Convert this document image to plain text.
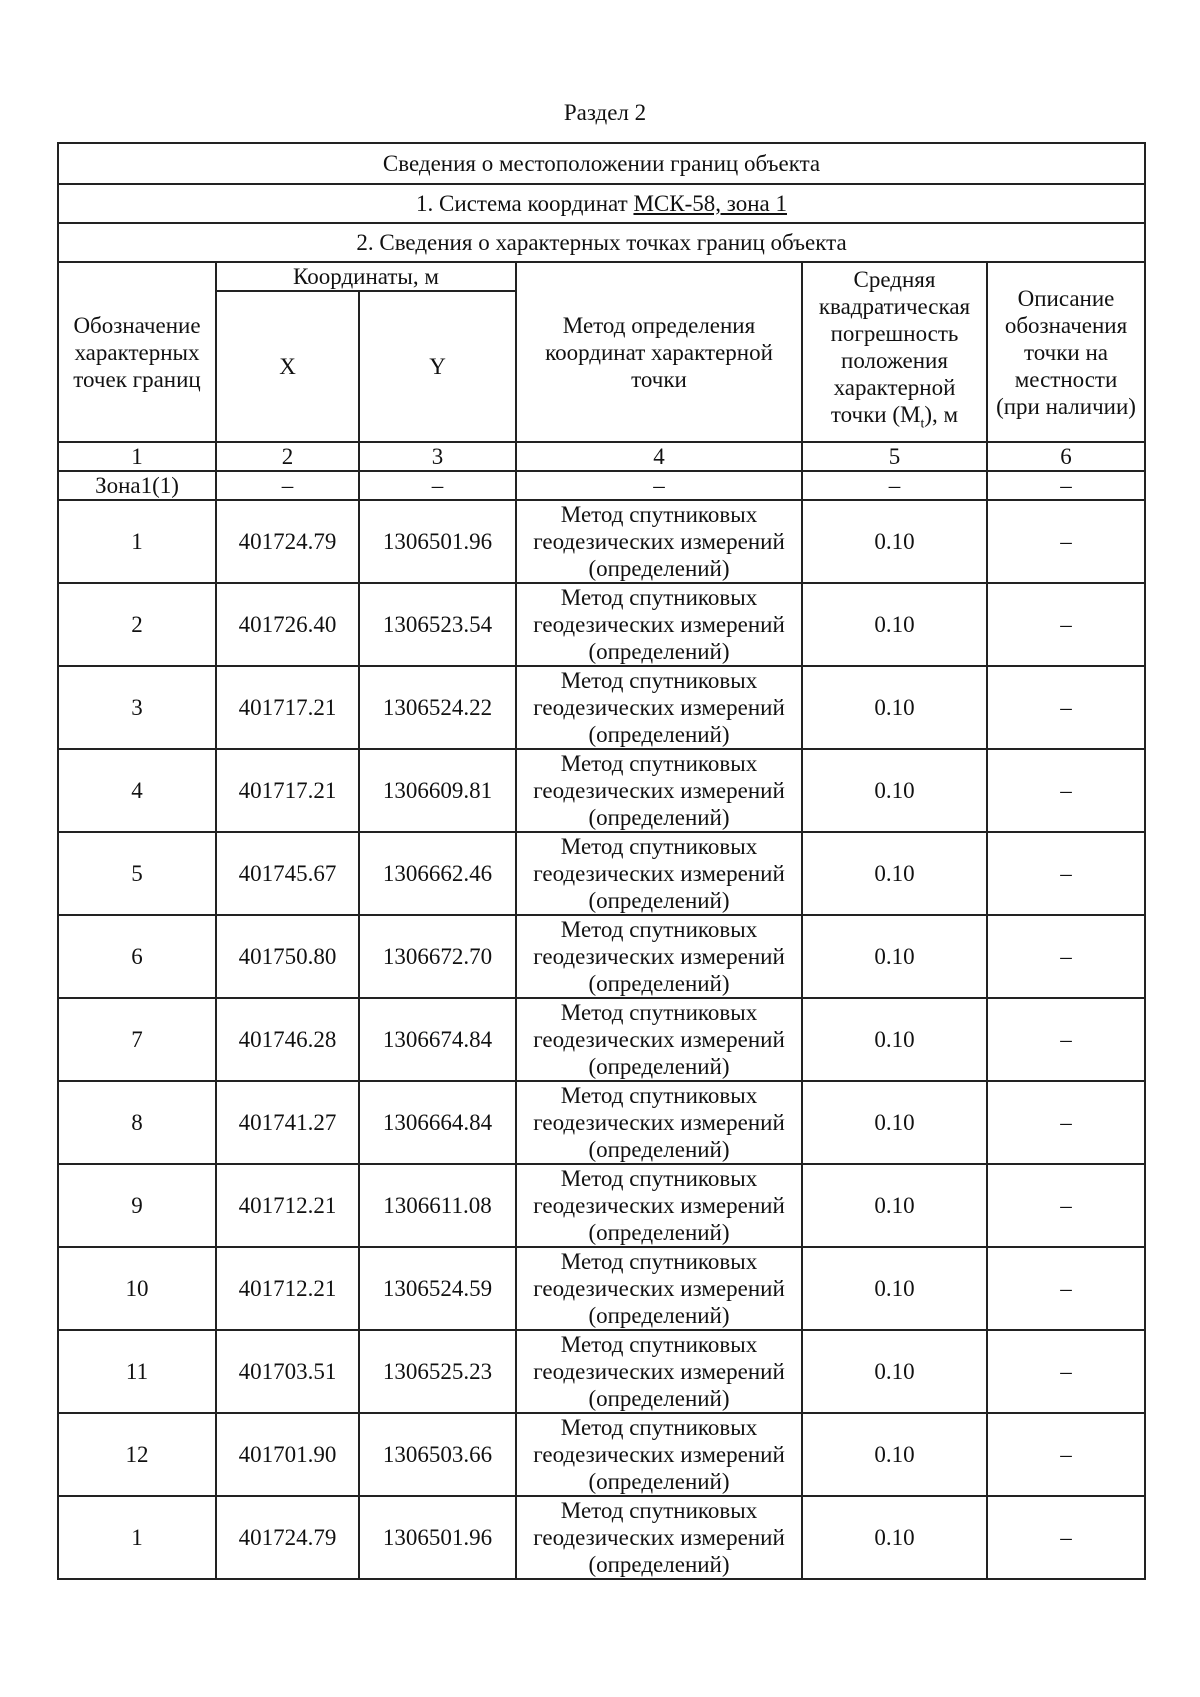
Раздел 2
Сведения о местоположении границ объекта					
1. Система координат МСК-58, зона 1					
2. Сведения о характерных точках границ объекта					
Обозначение характерных точек границ	Координаты, м		Метод определения координат характерной точки	Средняя квадратическая погрешность положения характерной точки $(M_t)$, м	Описание обозначения точки на местности (при наличии)
	X	Y			
1	2	3	4	5	6
Зона1(1)	–	–	–	–	–
1	401724.79	1306501.96	Метод спутниковых геодезических измерений (определений)	0.10	–
2	401726.40	1306523.54	Метод спутниковых геодезических измерений (определений)	0.10	–
3	401717.21	1306524.22	Метод спутниковых геодезических измерений (определений)	0.10	–
4	401717.21	1306609.81	Метод спутниковых геодезических измерений (определений)	0.10	–
5	401745.67	1306662.46	Метод спутниковых геодезических измерений (определений)	0.10	–
6	401750.80	1306672.70	Метод спутниковых геодезических измерений (определений)	0.10	–
7	401746.28	1306674.84	Метод спутниковых геодезических измерений (определений)	0.10	–
8	401741.27	1306664.84	Метод спутниковых геодезических измерений (определений)	0.10	–
9	401712.21	1306611.08	Метод спутниковых геодезических измерений (определений)	0.10	–
10	401712.21	1306524.59	Метод спутниковых геодезических измерений (определений)	0.10	–
11	401703.51	1306525.23	Метод спутниковых геодезических измерений (определений)	0.10	–
12	401701.90	1306503.66	Метод спутниковых геодезических измерений (определений)	0.10	–
1	401724.79	1306501.96	Метод спутниковых геодезических измерений (определений)	0.10	–
